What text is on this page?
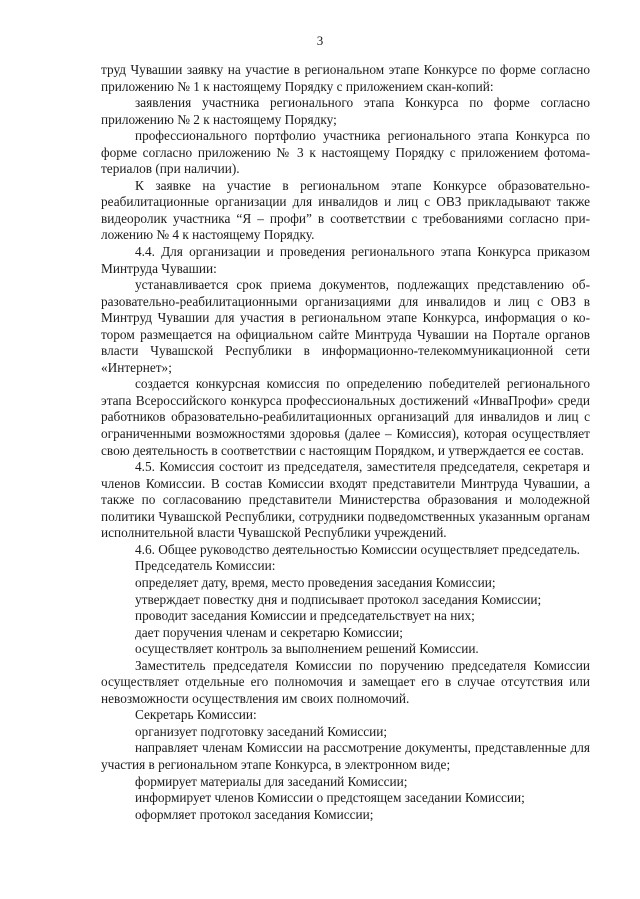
3

труд Чувашии заявку на участие в региональном этапе Конкурсе по форме согласно приложению № 1 к настоящему Порядку с приложением скан-копий:

заявления участника регионального этапа Конкурса по форме согласно приложению № 2 к настоящему Порядку;

профессионального портфолио участника регионального этапа Конкурса по форме согласно приложению № 3 к настоящему Порядку с приложением фотоматериалов (при наличии).

К заявке на участие в региональном этапе Конкурсе образовательно-реабилитационные организации для инвалидов и лиц с ОВЗ прикладывают также видеоролик участника “Я – профи” в соответствии с требованиями согласно приложению № 4 к настоящему Порядку.

4.4. Для организации и проведения регионального этапа Конкурса приказом Минтруда Чувашии:

устанавливается срок приема документов, подлежащих представлению образовательно-реабилитационными организациями для инвалидов и лиц с ОВЗ в Минтруд Чувашии для участия в региональном этапе Конкурса, информация о котором размещается на официальном сайте Минтруда Чувашии на Портале органов власти Чувашской Республики в информационно-телекоммуникационной сети «Интернет»;

создается конкурсная комиссия по определению победителей регионального этапа Всероссийского конкурса профессиональных достижений «ИнваПрофи» среди работников образовательно-реабилитационных организаций для инвалидов и лиц с ограниченными возможностями здоровья (далее – Комиссия), которая осуществляет свою деятельность в соответствии с настоящим Порядком, и утверждается ее состав.

4.5. Комиссия состоит из председателя, заместителя председателя, секретаря и членов Комиссии. В состав Комиссии входят представители Минтруда Чувашии, а также по согласованию представители Министерства образования и молодежной политики Чувашской Республики, сотрудники подведомственных указанным органам исполнительной власти Чувашской Республики учреждений.

4.6. Общее руководство деятельностью Комиссии осуществляет председатель.

Председатель Комиссии:

определяет дату, время, место проведения заседания Комиссии;

утверждает повестку дня и подписывает протокол заседания Комиссии;

проводит заседания Комиссии и председательствует на них;

дает поручения членам и секретарю Комиссии;

осуществляет контроль за выполнением решений Комиссии.

Заместитель председателя Комиссии по поручению председателя Комиссии осуществляет отдельные его полномочия и замещает его в случае отсутствия или невозможности осуществления им своих полномочий.

Секретарь Комиссии:

организует подготовку заседаний Комиссии;

направляет членам Комиссии на рассмотрение документы, представленные для участия в региональном этапе Конкурса, в электронном виде;

формирует материалы для заседаний Комиссии;

информирует членов Комиссии о предстоящем заседании Комиссии;

оформляет протокол заседания Комиссии;
